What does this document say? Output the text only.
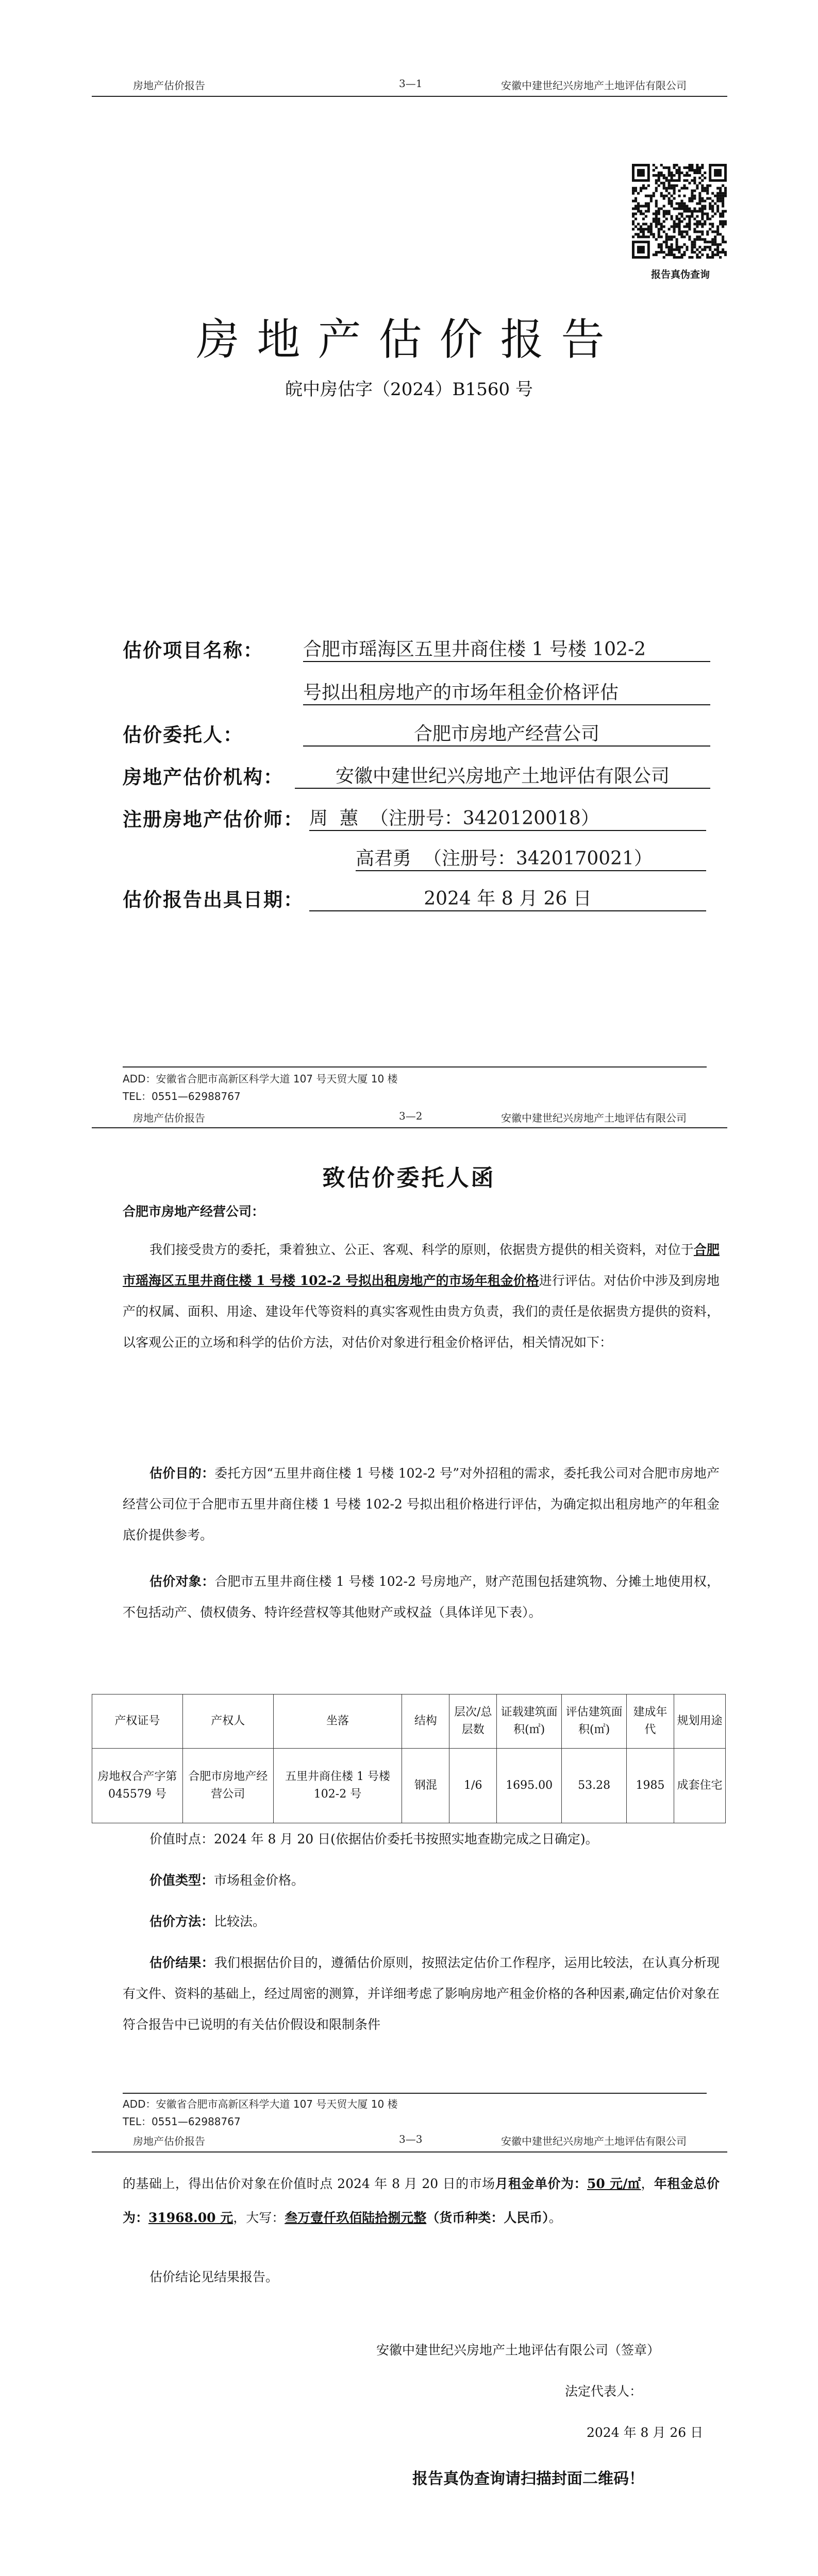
房地产估价报告	3—1	安徽中建世纪兴房地产土地评估有限公司
报告真伪查询
房地产估价报告
皖中房估字（2024）B1560 号
估价项目名称： 合肥市瑶海区五里井商住楼 1 号楼 102-2
号拟出租房地产的市场年租金价格评估
估价委托人：	合肥市房地产经营公司
房地产估价机构：	安徽中建世纪兴房地产土地评估有限公司
注册房地产估价师： 周  蕙  （注册号：3420120018）
高君勇  （注册号：3420170021）
估价报告出具日期：	2024 年 8 月 26 日
ADD：安徽省合肥市高新区科学大道 107 号天贸大厦 10 楼
TEL：0551—62988767
房地产估价报告	3—2	安徽中建世纪兴房地产土地评估有限公司
致估价委托人函
合肥市房地产经营公司：
我们接受贵方的委托，秉着独立、公正、客观、科学的原则，依据贵方提供的相关资料，对位于合肥市瑶海区五里井商住楼 1 号楼 102-2 号拟出租房地产的市场年租金价格进行评估。对估价中涉及到房地产的权属、面积、用途、建设年代等资料的真实客观性由贵方负责，我们的责任是依据贵方提供的资料，以客观公正的立场和科学的估价方法，对估价对象进行租金价格评估，相关情况如下：
估价目的：委托方因“五里井商住楼 1 号楼 102-2 号”对外招租的需求，委托我公司对合肥市房地产经营公司位于合肥市五里井商住楼 1 号楼 102-2 号拟出租价格进行评估，为确定拟出租房地产的年租金底价提供参考。
估价对象：合肥市五里井商住楼 1 号楼 102-2 号房地产，财产范围包括建筑物、分摊土地使用权，不包括动产、债权债务、特许经营权等其他财产或权益（具体详见下表）。
产权证号	产权人	坐落	结构	层次/总层数	证载建筑面积(㎡)	评估建筑面积(㎡)	建成年代	规划用途
房地权合产字第 045579 号	合肥市房地产经营公司	五里井商住楼 1 号楼 102-2 号	钢混	1/6	1695.00	53.28	1985	成套住宅
价值时点：2024 年 8 月 20 日(依据估价委托书按照实地查勘完成之日确定)。
价值类型：市场租金价格。
估价方法：比较法。
估价结果：我们根据估价目的，遵循估价原则，按照法定估价工作程序，运用比较法，在认真分析现有文件、资料的基础上，经过周密的测算，并详细考虑了影响房地产租金价格的各种因素,确定估价对象在符合报告中已说明的有关估价假设和限制条件
ADD：安徽省合肥市高新区科学大道 107 号天贸大厦 10 楼
TEL：0551—62988767
房地产估价报告	3—3	安徽中建世纪兴房地产土地评估有限公司
的基础上，得出估价对象在价值时点 2024 年 8 月 20 日的市场月租金单价为：50 元/㎡，年租金总价为：31968.00 元，大写：叁万壹仟玖佰陆拾捌元整（货币种类：人民币）。
估价结论见结果报告。
安徽中建世纪兴房地产土地评估有限公司（签章）
法定代表人：
2024 年 8 月 26 日
报告真伪查询请扫描封面二维码！
